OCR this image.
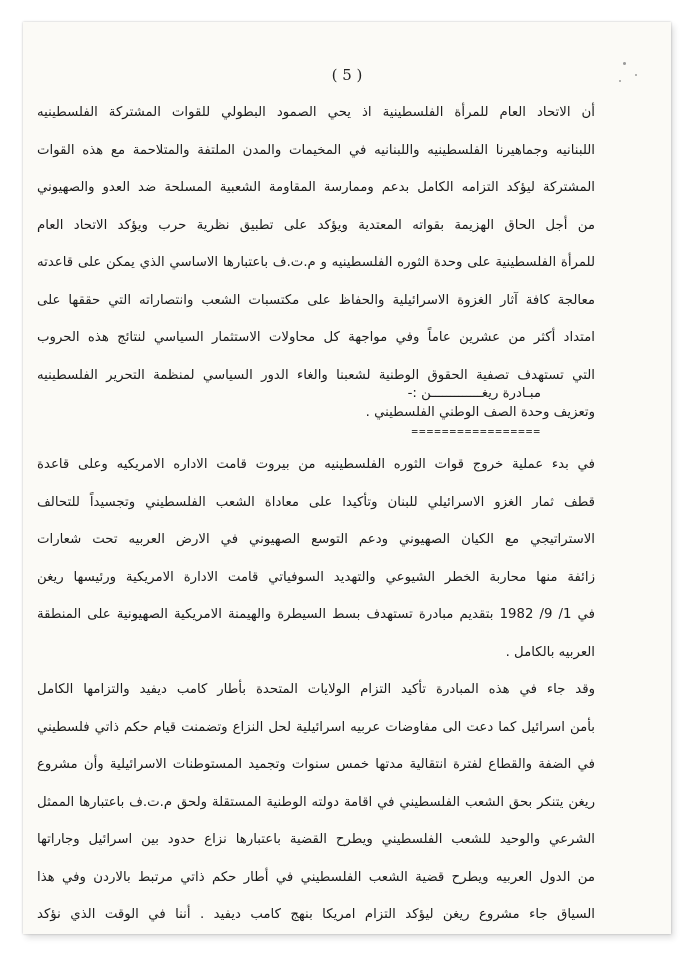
( 5 )
أن الاتحاد العام للمرأة الفلسطينية اذ يحي الصمود البطولي للقوات المشتركة الفلسطينيه
اللبنانيه وجماهيرنا الفلسطينيه واللبنانيه في المخيمات والمدن الملتفة والمتلاحمة مع هذه القوات
المشتركة ليؤكد التزامه الكامل بدعم وممارسة المقاومة الشعبية المسلحة ضد العدو والصهيوني
من أجل الحاق الهزيمة بقواته المعتدية ويؤكد على تطبيق نظرية حرب ويؤكد الاتحاد العام
للمرأة الفلسطينية على وحدة الثوره الفلسطينيه و م.ت.ف باعتبارها الاساسي الذي يمكن على قاعدته
معالجة كافة آثار الغزوة الاسرائيلية والحفاظ على مكتسبات الشعب وانتصاراته التي حققها على
امتداد أكثر من عشرين عاماً وفي مواجهة كل محاولات الاستثمار السياسي لنتائج هذه الحروب
التي تستهدف تصفية الحقوق الوطنية لشعبنا والغاء الدور السياسي لمنظمة التحرير الفلسطينيه
وتعزيف وحدة الصف الوطني الفلسطيني .
مبـادرة ريغـــــــــــــن :-
=================
في بدء عملية خروج قوات الثوره الفلسطينيه من بيروت قامت الاداره الامريكيه وعلى قاعدة
قطف ثمار الغزو الاسرائيلي للبنان وتأكيدا على معاداة الشعب الفلسطيني وتجسيداً للتحالف
الاستراتيجي مع الكيان الصهيوني ودعم التوسع الصهيوني في الارض العربيه تحت شعارات
زائفة منها محاربة الخطر الشيوعي والتهديد السوفياتي قامت الادارة الامريكية ورئيسها ريغن
في 1/ 9/ 1982 بتقديم مبادرة تستهدف بسط السيطرة والهيمنة الامريكية الصهيونية على المنطقة
العربيه بالكامل .
وقد جاء في هذه المبادرة تأكيد التزام الولايات المتحدة بأطار كامب ديفيد والتزامها الكامل
بأمن اسرائيل كما دعت الى مفاوضات عربيه اسرائيلية لحل النزاع وتضمنت قيام حكم ذاتي فلسطيني
في الضفة والقطاع لفترة انتقالية مدتها خمس سنوات وتجميد المستوطنات الاسرائيلية وأن مشروع
ريغن يتنكر بحق الشعب الفلسطيني في اقامة دولته الوطنية المستقلة ولحق م.ت.ف باعتبارها الممثل
الشرعي والوحيد للشعب الفلسطيني ويطرح القضية باعتبارها نزاع حدود بين اسرائيل وجاراتها
من الدول العربيه ويطرح قضية الشعب الفلسطيني في أطار حكم ذاتي مرتبط بالاردن وفي هذا
السياق جاء مشروع ريغن ليؤكد التزام امريكا بنهج كامب ديفيد . أننا في الوقت الذي نؤكد
